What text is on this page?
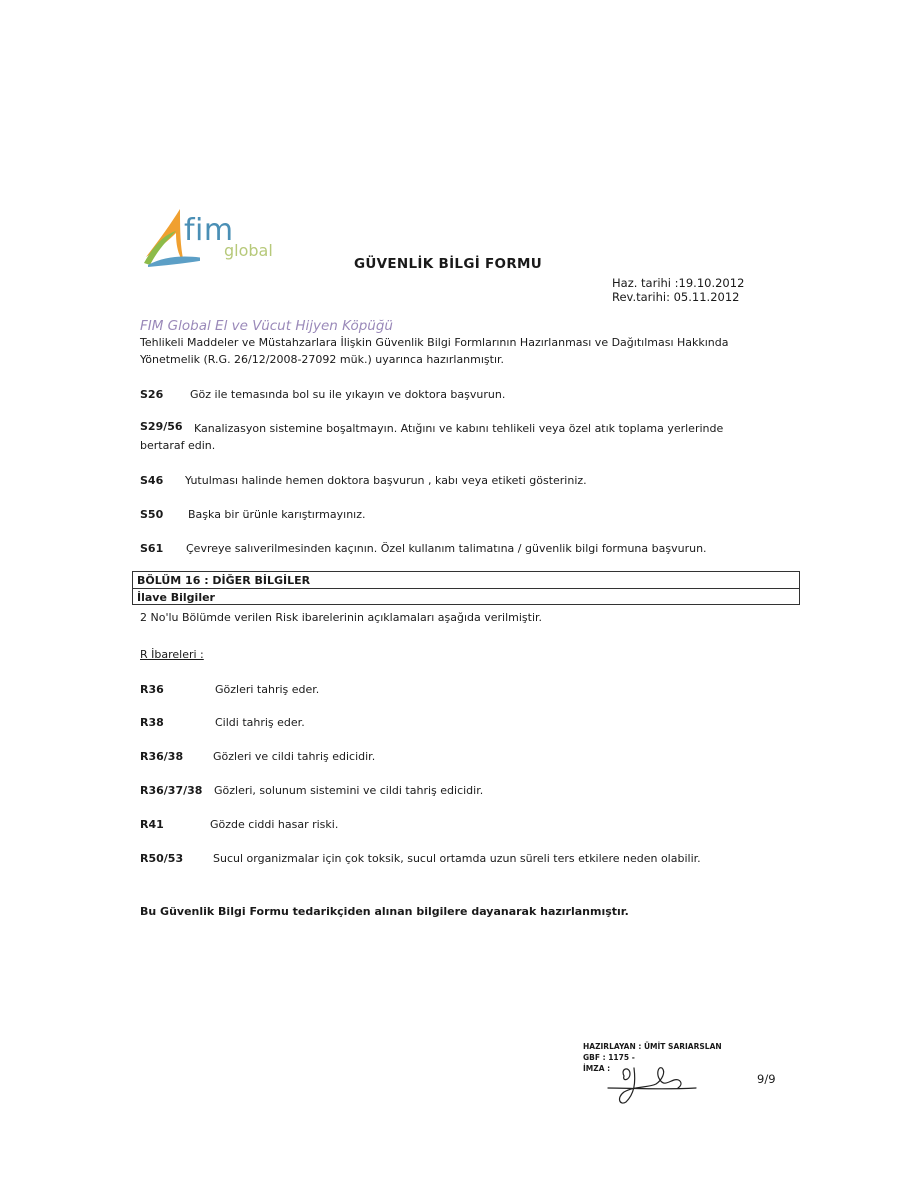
fim
global
GÜVENLİK BİLGİ FORMU
Haz. tarihi :19.10.2012
Rev.tarihi: 05.11.2012
FIM Global El ve Vücut Hijyen Köpüğü
Tehlikeli Maddeler ve Müstahzarlara İlişkin Güvenlik Bilgi Formlarının Hazırlanması ve Dağıtılması Hakkında Yönetmelik (R.G. 26/12/2008-27092 mük.) uyarınca hazırlanmıştır.
S26 Göz ile temasında bol su ile yıkayın ve doktora başvurun.
S29/56	Kanalizasyon sistemine boşaltmayın. Atığını ve kabını tehlikeli veya özel atık toplama yerlerinde bertaraf edin.
S46 Yutulması halinde hemen doktora başvurun , kabı veya etiketi gösteriniz.
S50 Başka bir ürünle karıştırmayınız.
S61 Çevreye salıverilmesinden kaçının. Özel kullanım talimatına / güvenlik bilgi formuna başvurun.
BÖLÜM 16 : DİĞER BİLGİLER
İlave Bilgiler
2 No'lu Bölümde verilen Risk ibarelerinin açıklamaları aşağıda verilmiştir.
R İbareleri :
R36	Gözleri tahriş eder.
R38	Cildi tahriş eder.
R36/38	Gözleri ve cildi tahriş edicidir.
R36/37/38 Gözleri, solunum sistemini ve cildi tahriş edicidir.
R41	Gözde ciddi hasar riski.
R50/53	Sucul organizmalar için çok toksik, sucul ortamda uzun süreli ters etkilere neden olabilir.
Bu Güvenlik Bilgi Formu tedarikçiden alınan bilgilere dayanarak hazırlanmıştır.
HAZIRLAYAN : ÜMİT SARIARSLAN
GBF : 1175 -
İMZA :
9/9
